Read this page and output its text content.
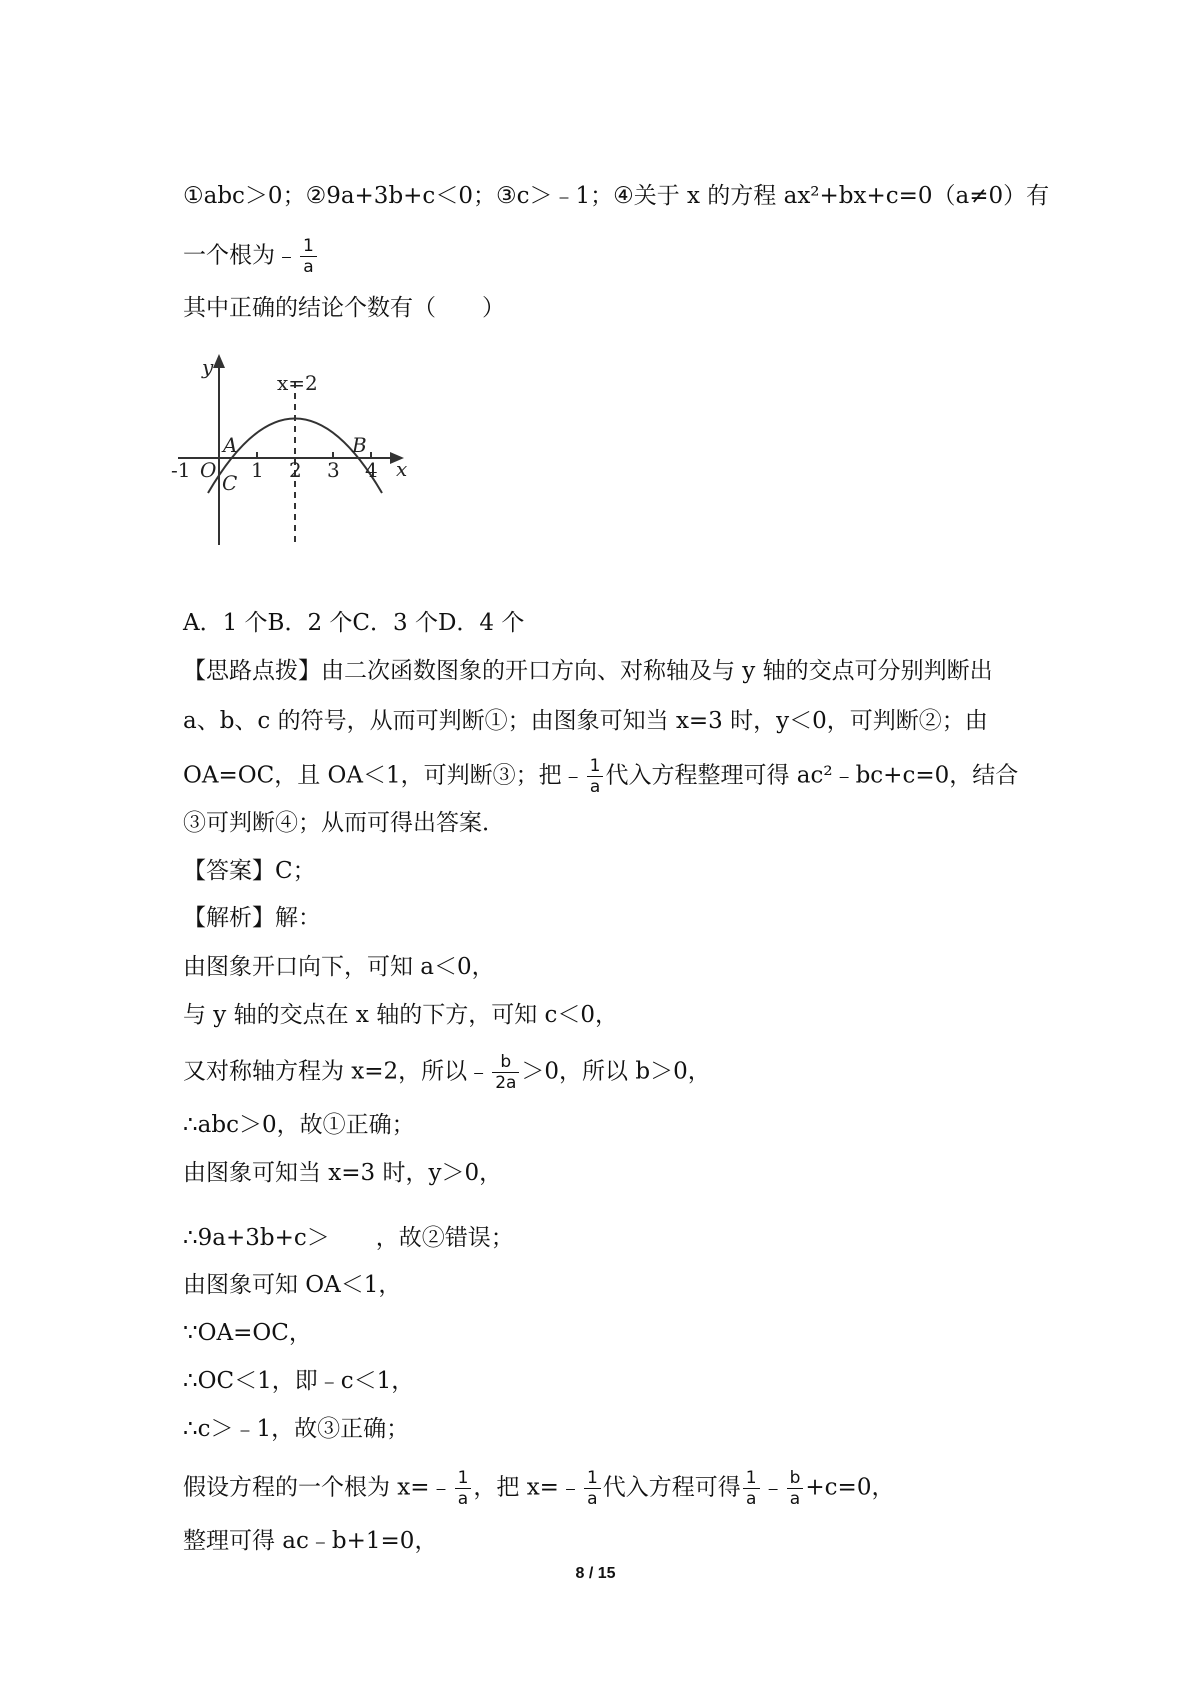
①abc＞0；②9a+3b+c＜0；③c＞﹣1；④关于 x 的方程 ax²+bx+c=0（a≠0）有
一个根为﹣ $\frac{1}{a}$
其中正确的结论个数有（　　）
y
x
x=2
A	B
C
O
-1	1 2 3 4
A．1 个B．2 个C．3 个D．4 个
【思路点拨】由二次函数图象的开口方向、对称轴及与 y 轴的交点可分别判断出
a、b、c 的符号，从而可判断①；由图象可知当 x=3 时，y＜0，可判断②；由
OA=OC，且 OA＜1，可判断③；把﹣ $\frac{1}{a}$ 代入方程整理可得 ac²﹣bc+c=0，结合
③可判断④；从而可得出答案．
【答案】C；
【解析】解：
由图象开口向下，可知 a＜0，
与 y 轴的交点在 x 轴的下方，可知 c＜0，
又对称轴方程为 x=2，所以﹣ $\frac{b}{2a} >0$，所以 b＞0，
∴abc＞0，故①正确；
由图象可知当 x=3 时，y＞0，
∴9a+3b+c＞　　，故②错误；
由图象可知 OA＜1，
∵OA=OC，
∴OC＜1，即﹣c＜1，
∴c＞﹣1，故③正确；
假设方程的一个根为 x=﹣ $\frac{1}{a}$ ，把 x=﹣ $\frac{1}{a}$ 代入方程可得 $\frac{1}{a}$ ﹣ $\frac{b}{a} +c=0$，
整理可得 ac﹣b+1=0，
8 / 15
